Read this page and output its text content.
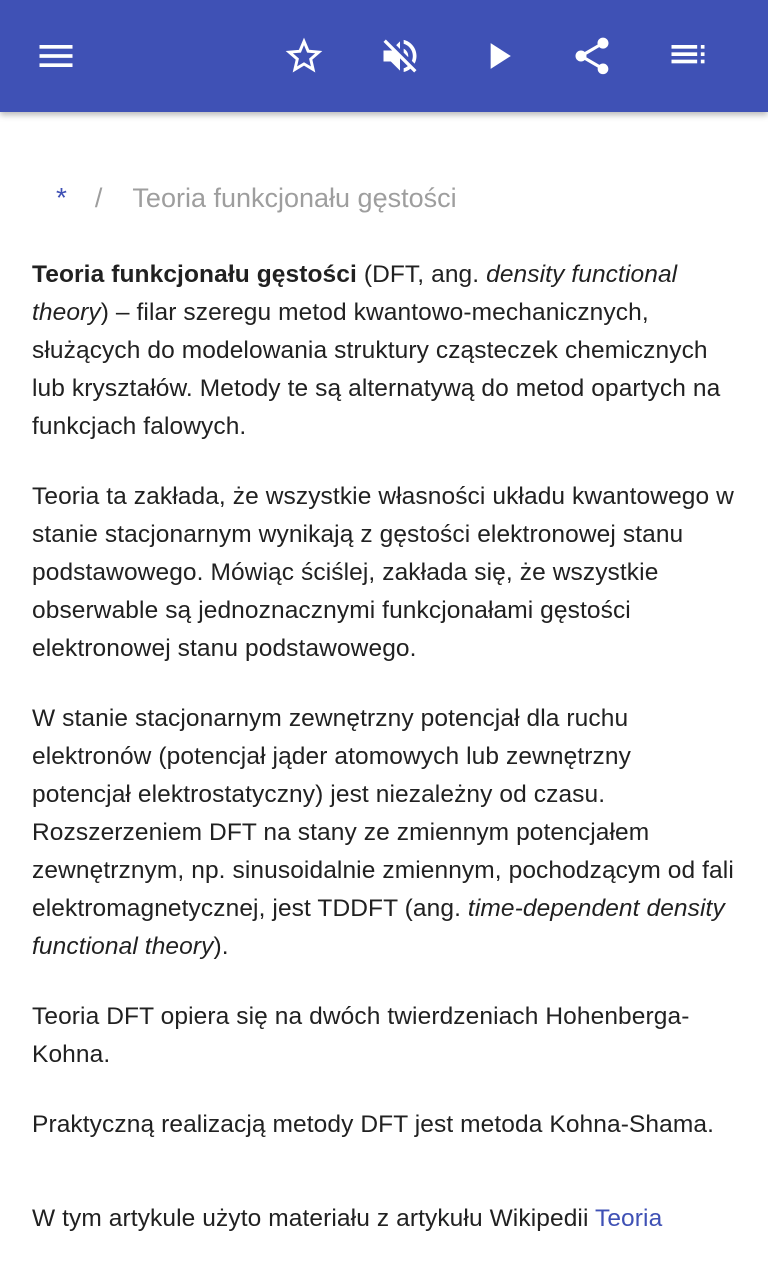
* / Teoria funkcjonału gęstości

Teoria funkcjonału gęstości (DFT, ang. density functional theory) – filar szeregu metod kwantowo-mechanicznych, służących do modelowania struktury cząsteczek chemicznych lub kryształów. Metody te są alternatywą do metod opartych na funkcjach falowych.

Teoria ta zakłada, że wszystkie własności układu kwantowego w stanie stacjonarnym wynikają z gęstości elektronowej stanu podstawowego. Mówiąc ściślej, zakłada się, że wszystkie obserwable są jednoznacznymi funkcjonałami gęstości elektronowej stanu podstawowego.

W stanie stacjonarnym zewnętrzny potencjał dla ruchu elektronów (potencjał jąder atomowych lub zewnętrzny potencjał elektrostatyczny) jest niezależny od czasu. Rozszerzeniem DFT na stany ze zmiennym potencjałem zewnętrznym, np. sinusoidalnie zmiennym, pochodzącym od fali elektromagnetycznej, jest TDDFT (ang. time-dependent density functional theory).

Teoria DFT opiera się na dwóch twierdzeniach Hohenberga-Kohna.

Praktyczną realizacją metody DFT jest metoda Kohna-Shama.

W tym artykule użyto materiału z artykułu Wikipedii Teoria
